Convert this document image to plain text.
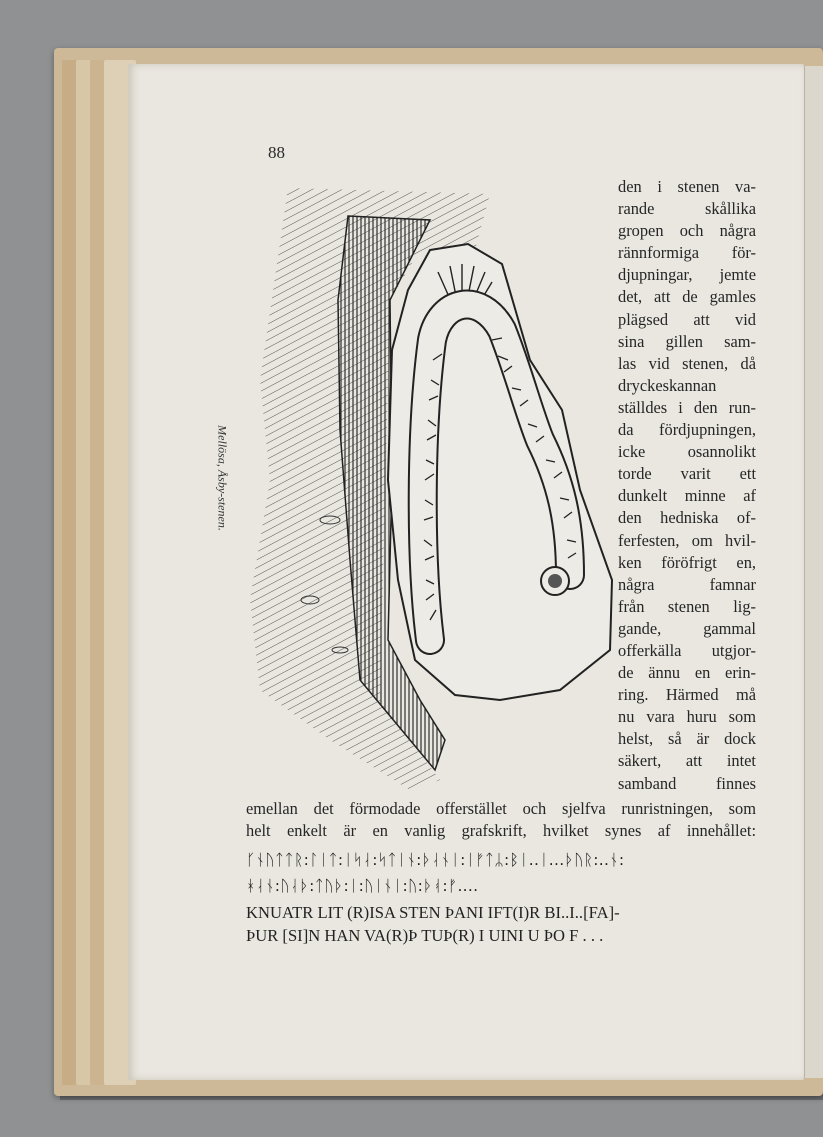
88
Mellösa, Åsby-stenen.
den i stenen va-
rande skållika
gropen och några
rännformiga för-
djupningar, jemte
det, att de gamles
plägsed att vid
sina gillen sam-
las vid stenen, då
dryckeskannan
ställdes i den run-
da fördjupningen,
icke osannolikt
torde varit ett
dunkelt minne af
den hedniska of-
ferfesten, om hvil-
ken föröfrigt en,
några famnar
från stenen lig-
gande, gammal
offerkälla utgjor-
de ännu en erin-
ring. Härmed må
nu vara huru som
helst, så är dock
säkert, att intet
samband finnes
emellan det förmodade offerstället och sjelfva runristningen, som
helt enkelt är en vanlig grafskrift, hvilket synes af innehållet:
ᚴᚾᚢᛏᛏᚱ:ᛚᛁᛏ:ᛁᛋᛆ:ᛋᛏᛁᚾ:ᚦᛆᚾᛁ:ᛁᚠᛏᛦ:ᛒᛁ..ᛁ...ᚦᚢᚱ:..ᚾ:
ᚼᛆᚾ:ᚢᛆᚦ:ᛏᚢᚦ:ᛁ:ᚢᛁᚾᛁ:ᚢ:ᚦᚮ:ᚠ....
KNUATR LIT (R)ISA STEN ÞANI IFT(I)R BI..I..[FA]-
ÞUR [SI]N HAN VA(R)Þ TUÞ(R) I UINI U ÞO F . . .
